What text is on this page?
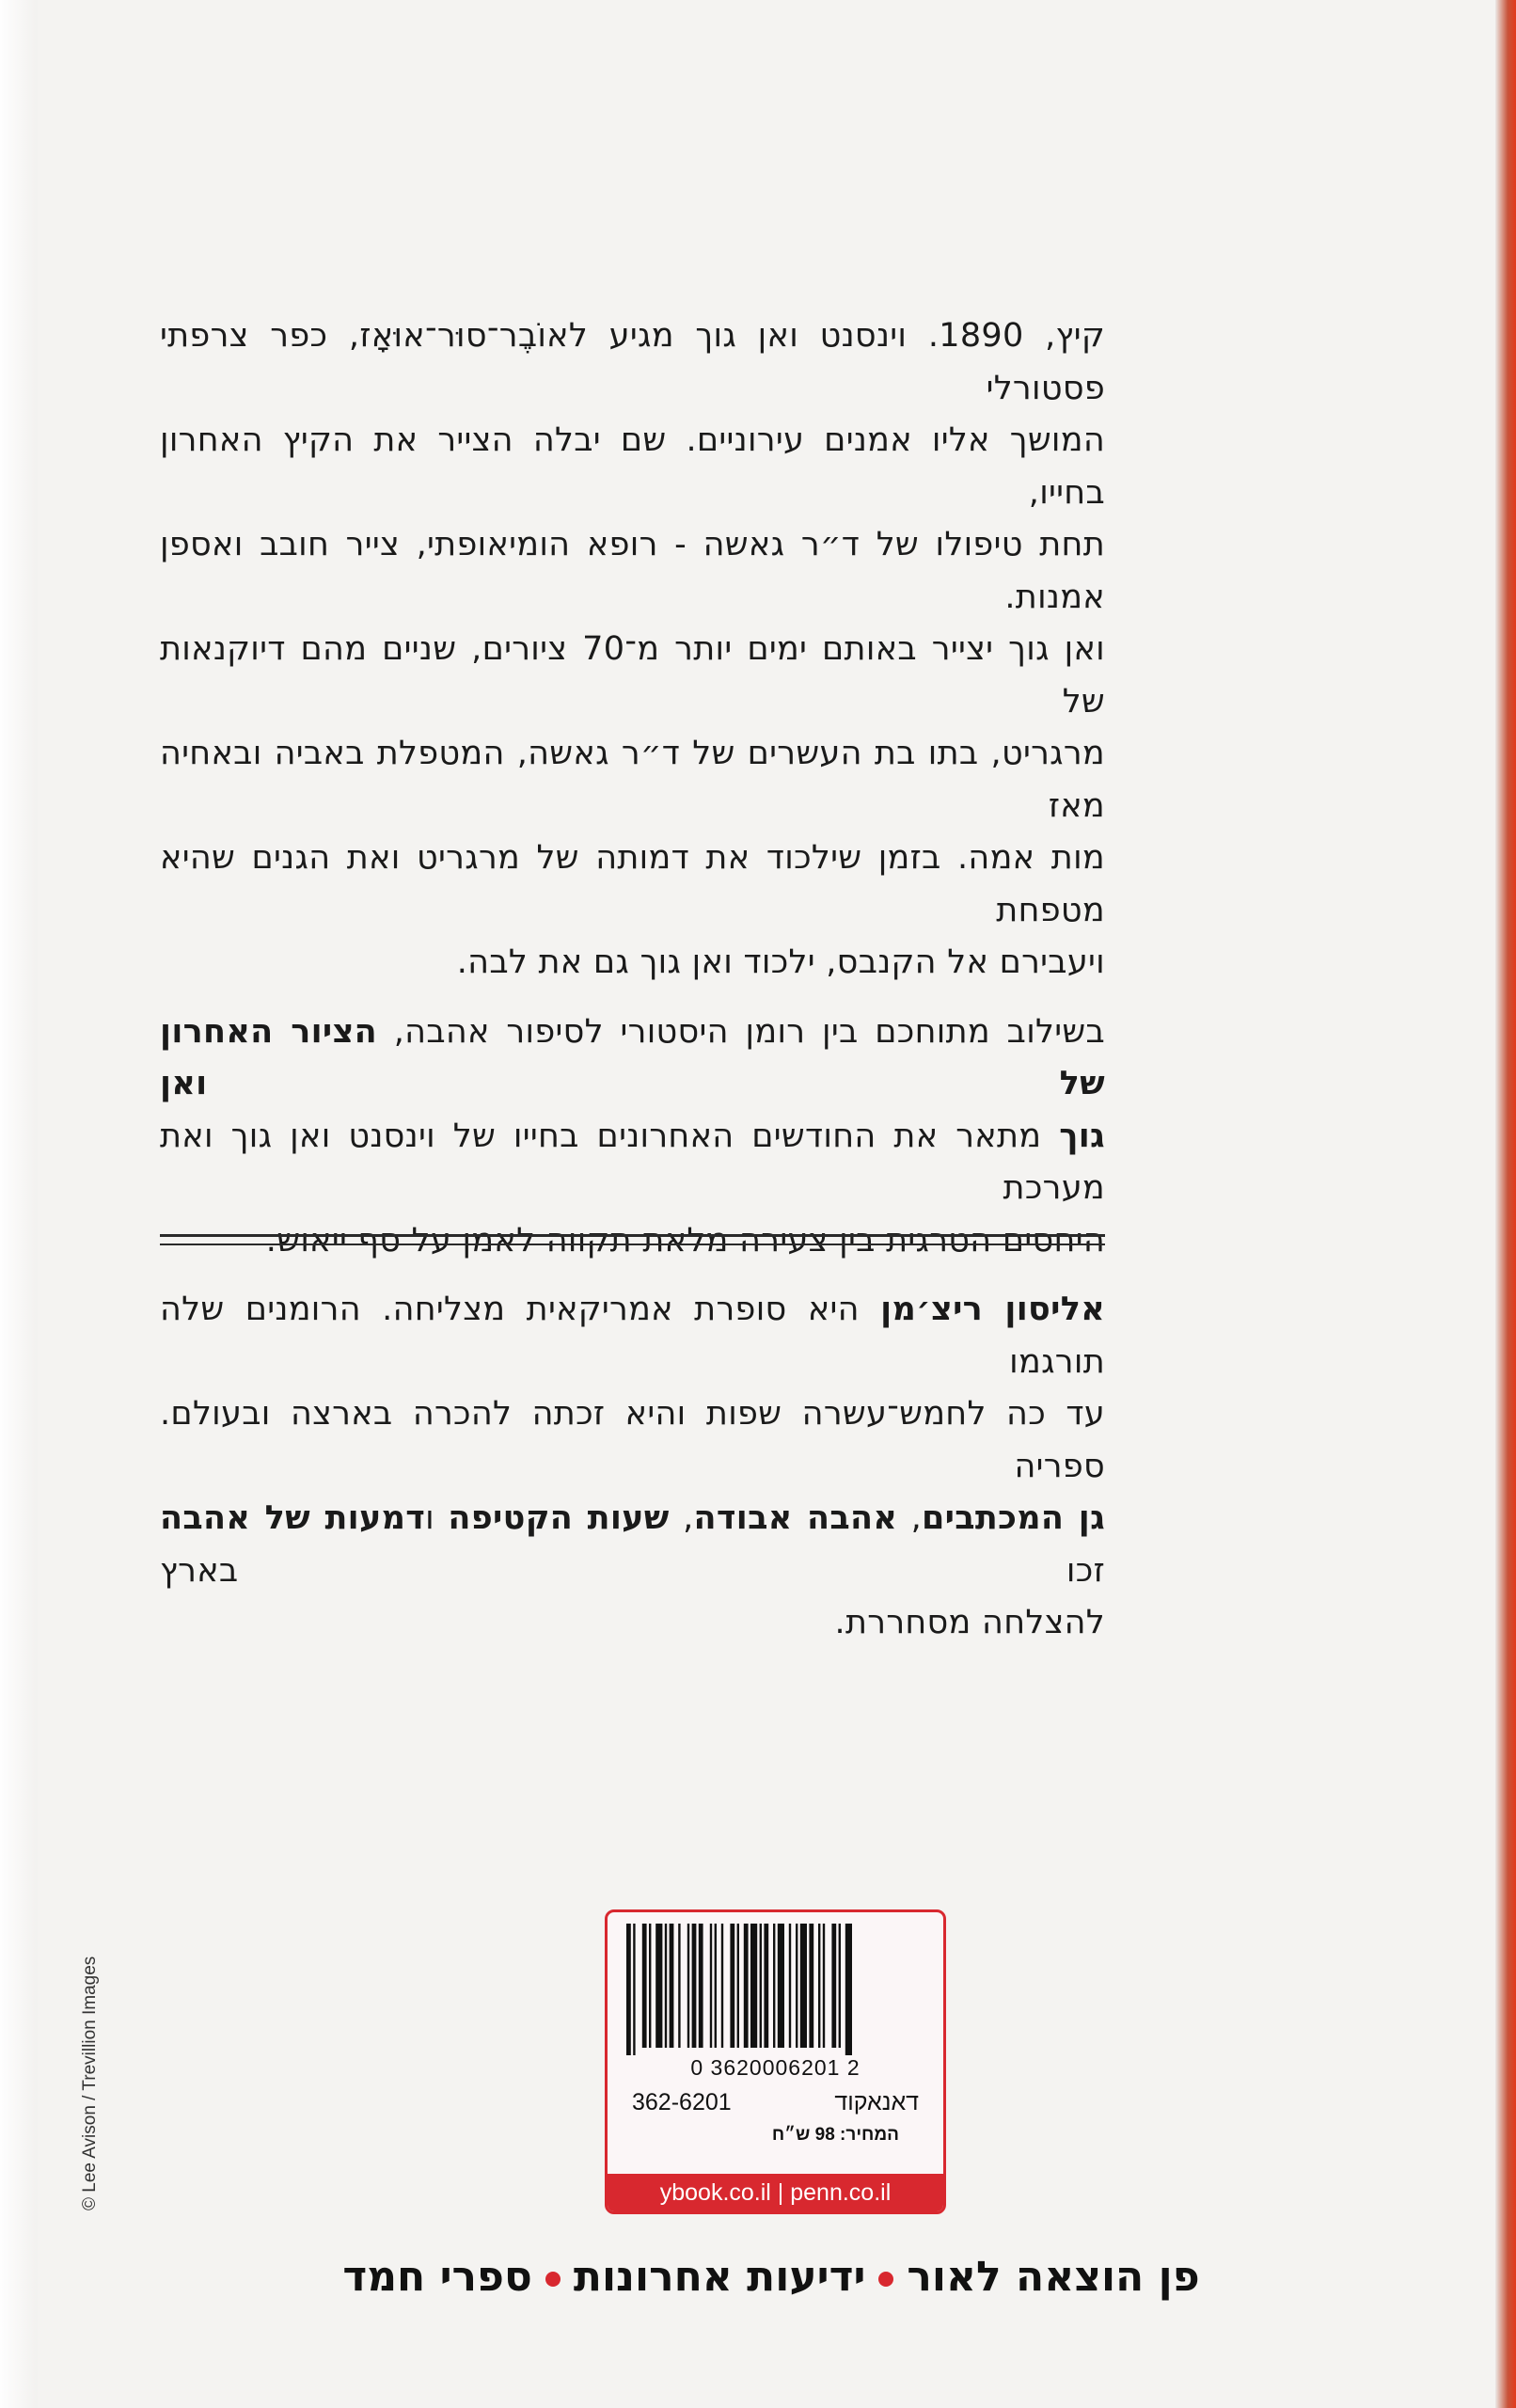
קיץ, 1890. וינסנט ואן גוך מגיע לאוֹבֶר־סוּר־אוּאָז, כפר צרפתי פסטורלי
המושך אליו אמנים עירוניים. שם יבלה הצייר את הקיץ האחרון בחייו,
תחת טיפולו של ד״ר גאשה - רופא הומיאופתי, צייר חובב ואספן אמנות.
ואן גוך יצייר באותם ימים יותר מ־70 ציורים, שניים מהם דיוקנאות של
מרגריט, בתו בת העשרים של ד״ר גאשה, המטפלת באביה ובאחיה מאז
מות אמה. בזמן שילכוד את דמותה של מרגריט ואת הגנים שהיא מטפחת
ויעבירם אל הקנבס, ילכוד ואן גוך גם את לבה.
בשילוב מתוחכם בין רומן היסטורי לסיפור אהבה, הציור האחרון של ואן
גוך מתאר את החודשים האחרונים בחייו של וינסנט ואן גוך ואת מערכת
היחסים הטרגית בין צעירה מלאת תקווה לאמן על סף ייאוש.
אליסון ריצ׳מן היא סופרת אמריקאית מצליחה. הרומנים שלה תורגמו
עד כה לחמש־עשרה שפות והיא זכתה להכרה בארצה ובעולם. ספריה
גן המכתבים, אהבה אבודה, שעות הקטיפה ודמעות של אהבה זכו בארץ
להצלחה מסחררת.
© Lee Avison / Trevillion Images	0 3620006201 2
דאנאקוד
362-6201
המחיר: 98 ש״ח
ybook.co.il | penn.co.il
פן הוצאה לאורידיעות אחרונותספרי חמד
